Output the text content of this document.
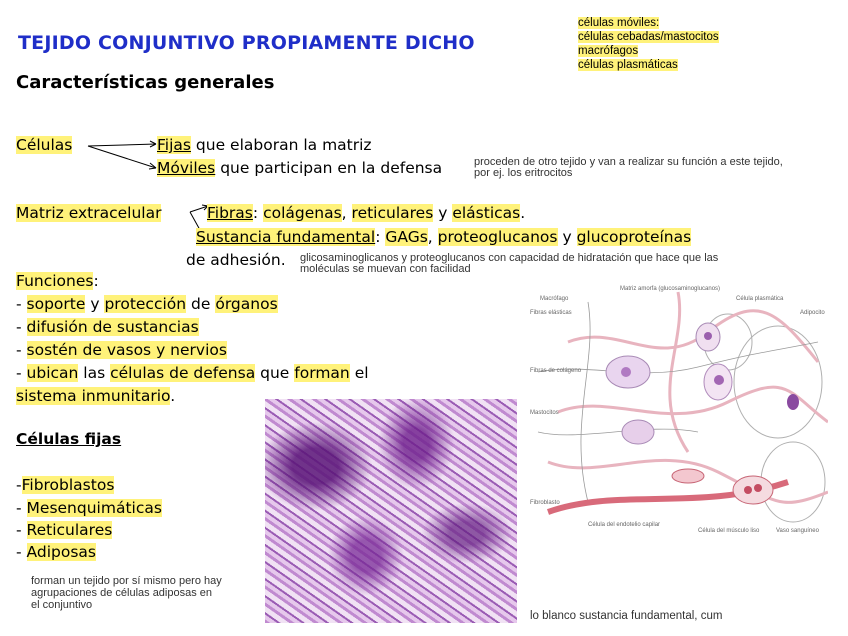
TEJIDO CONJUNTIVO PROPIAMENTE DICHO
células móviles:
células cebadas/mastocitos
macrófagos
células plasmáticas
Características generales
Células	Fijas que elaboran la matriz
Móviles que participan en la defensa	proceden de otro tejido y van a realizar su función a este tejido,
por ej. los eritrocitos
Matriz extracelular	Fibras: colágenas, reticulares y elásticas.
Sustancia fundamental: GAGs, proteoglucanos y glucoproteínas
de adhesión. glicosaminoglicanos y proteoglucanos con capacidad de hidratación que hace que las
moléculas se muevan con facilidad
Funciones:
- soporte y protección de órganos
- difusión de sustancias
- sostén de vasos y nervios
- ubican las células de defensa que forman el
sistema inmunitario.
Células fijas
-Fibroblastos
- Mesenquimáticas
- Reticulares
- Adiposas
forman un tejido por sí mismo pero hay
agrupaciones de células adiposas en
el conjuntivo
Macrófago
Matriz amorfa (glucosaminoglucanos)
Célula plasmática
Adipocito
Fibras elásticas
Fibras de colágeno
Mastocitos
Fibroblasto
Célula del endotelio capilar
Célula del músculo liso	Vaso sanguíneo
lo blanco sustancia fundamental, cum
